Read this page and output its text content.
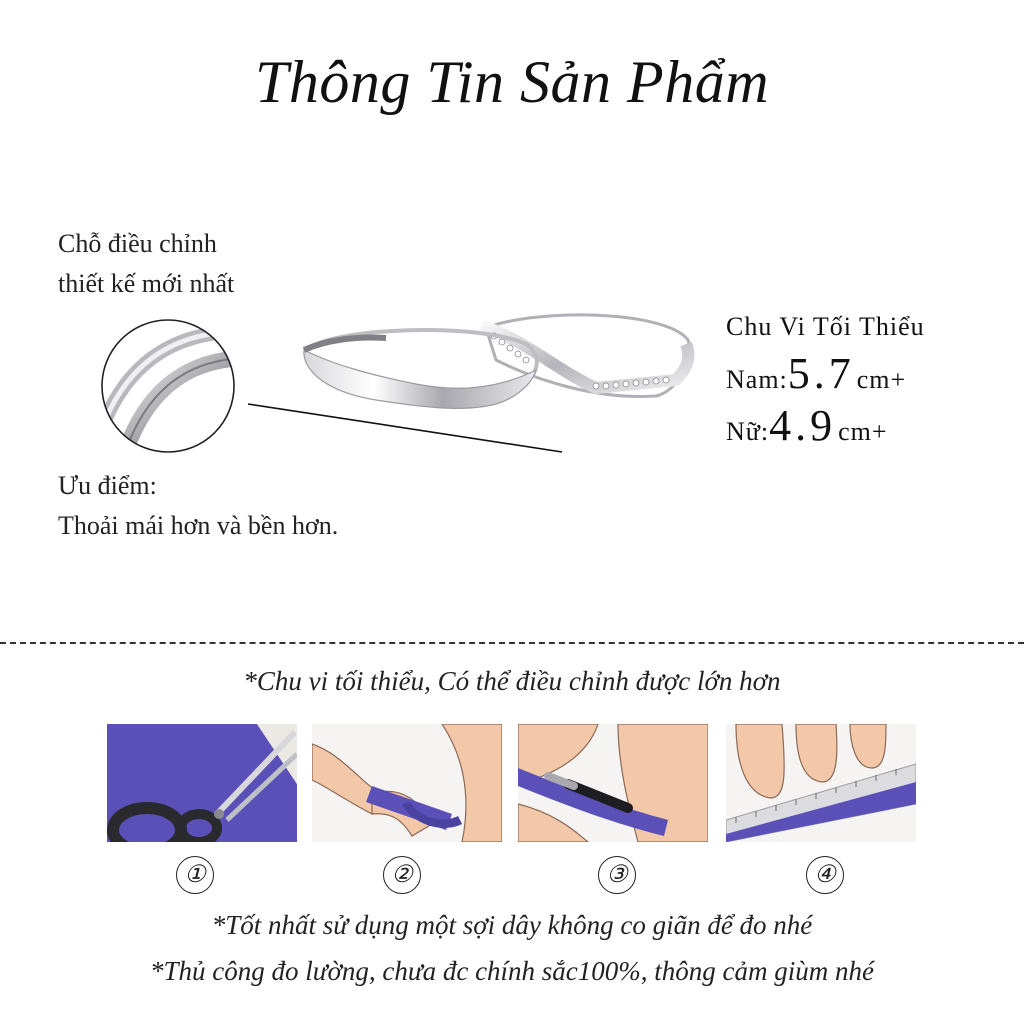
Thông Tin Sản Phẩm
Chỗ điều chỉnh
thiết kế mới nhất
Chu Vi Tối Thiểu
Nam: 5.7 cm+
Nữ: 4.9 cm+
Ưu điểm:
Thoải mái hơn và bền hơn.
*Chu vi tối thiểu, Có thể điều chỉnh được lớn hơn
①	②	③	④
*Tốt nhất sử dụng một sợi dây không co giãn để đo nhé
*Thủ công đo lường, chưa đc chính sắc100%, thông cảm giùm nhé
